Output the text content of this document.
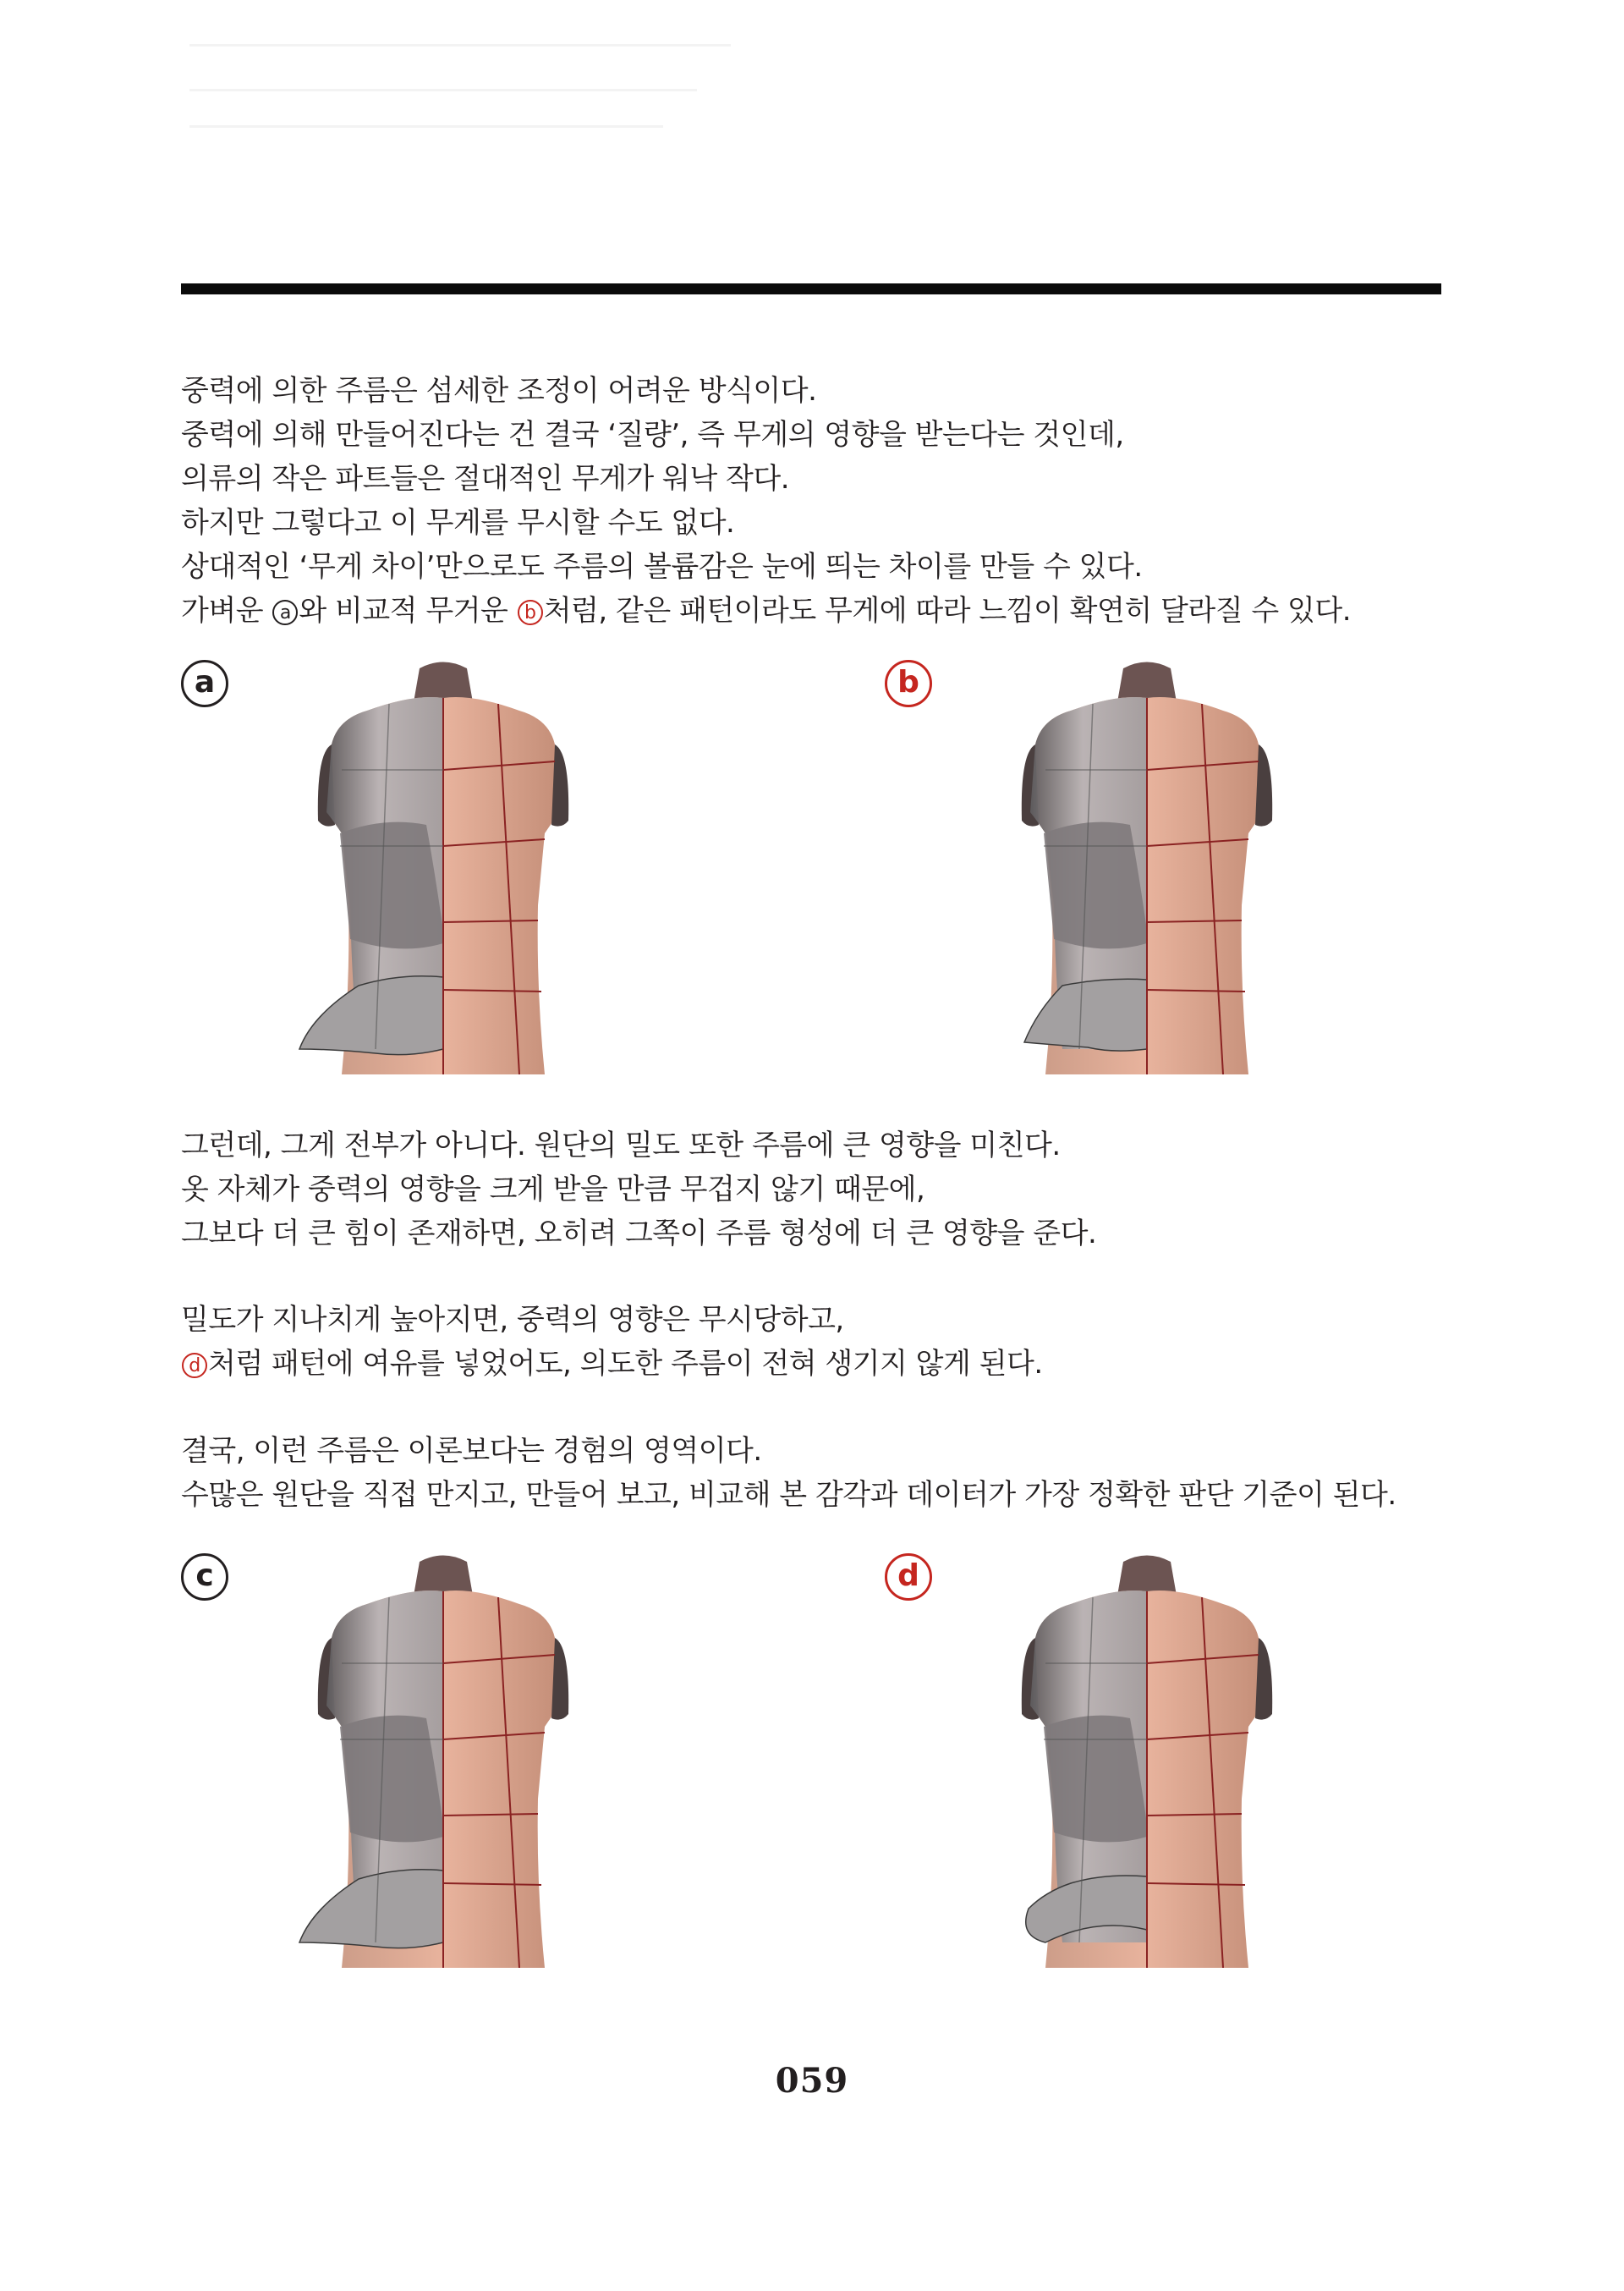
중력에 의한 주름은 섬세한 조정이 어려운 방식이다.

중력에 의해 만들어진다는 건 결국 ‘질량’, 즉 무게의 영향을 받는다는 것인데,

의류의 작은 파트들은 절대적인 무게가 워낙 작다.

하지만 그렇다고 이 무게를 무시할 수도 없다.

상대적인 ‘무게 차이’만으로도 주름의 볼륨감은 눈에 띄는 차이를 만들 수 있다.

가벼운 a 와 비교적 무거운 b 처럼, 같은 패턴이라도 무게에 따라 느낌이 확연히 달라질 수 있다.

a	b

그런데, 그게 전부가 아니다. 원단의 밀도 또한 주름에 큰 영향을 미친다.

옷 자체가 중력의 영향을 크게 받을 만큼 무겁지 않기 때문에,

그보다 더 큰 힘이 존재하면, 오히려 그쪽이 주름 형성에 더 큰 영향을 준다.

밀도가 지나치게 높아지면, 중력의 영향은 무시당하고,

d 처럼 패턴에 여유를 넣었어도, 의도한 주름이 전혀 생기지 않게 된다.

결국, 이런 주름은 이론보다는 경험의 영역이다.

수많은 원단을 직접 만지고, 만들어 보고, 비교해 본 감각과 데이터가 가장 정확한 판단 기준이 된다.

c	d
059
